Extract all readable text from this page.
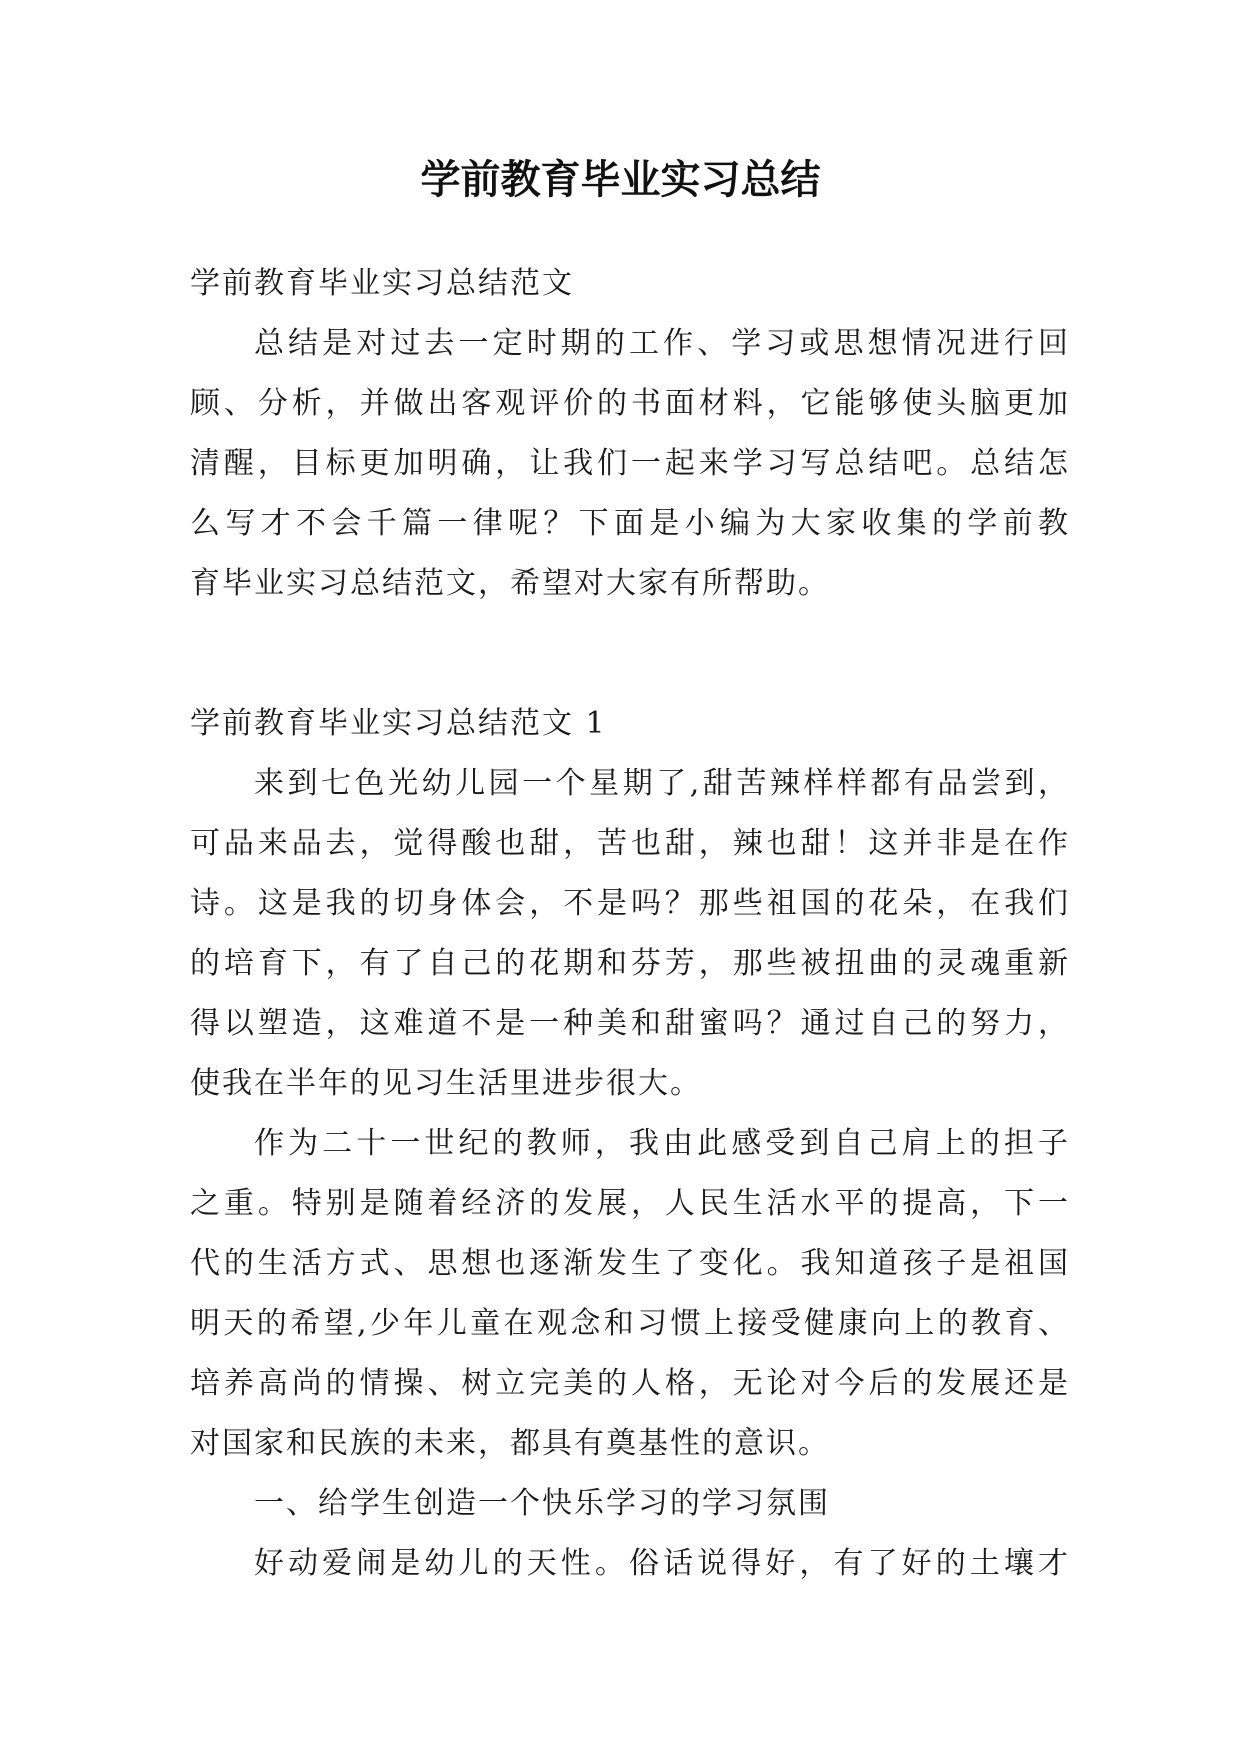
学前教育毕业实习总结
学前教育毕业实习总结范文
总结是对过去一定时期的工作、学习或思想情况进行回
顾、分析，并做出客观评价的书面材料，它能够使头脑更加
清醒，目标更加明确，让我们一起来学习写总结吧。总结怎
么写才不会千篇一律呢？下面是小编为大家收集的学前教
育毕业实习总结范文，希望对大家有所帮助。
学前教育毕业实习总结范文 1
来到七色光幼儿园一个星期了,甜苦辣样样都有品尝到，
可品来品去，觉得酸也甜，苦也甜，辣也甜！这并非是在作
诗。这是我的切身体会，不是吗？那些祖国的花朵，在我们
的培育下，有了自己的花期和芬芳，那些被扭曲的灵魂重新
得以塑造，这难道不是一种美和甜蜜吗？通过自己的努力，
使我在半年的见习生活里进步很大。
作为二十一世纪的教师，我由此感受到自己肩上的担子
之重。特别是随着经济的发展，人民生活水平的提高，下一
代的生活方式、思想也逐渐发生了变化。我知道孩子是祖国
明天的希望,少年儿童在观念和习惯上接受健康向上的教育、
培养高尚的情操、树立完美的人格，无论对今后的发展还是
对国家和民族的未来，都具有奠基性的意识。
一、给学生创造一个快乐学习的学习氛围
好动爱闹是幼儿的天性。俗话说得好，有了好的土壤才
